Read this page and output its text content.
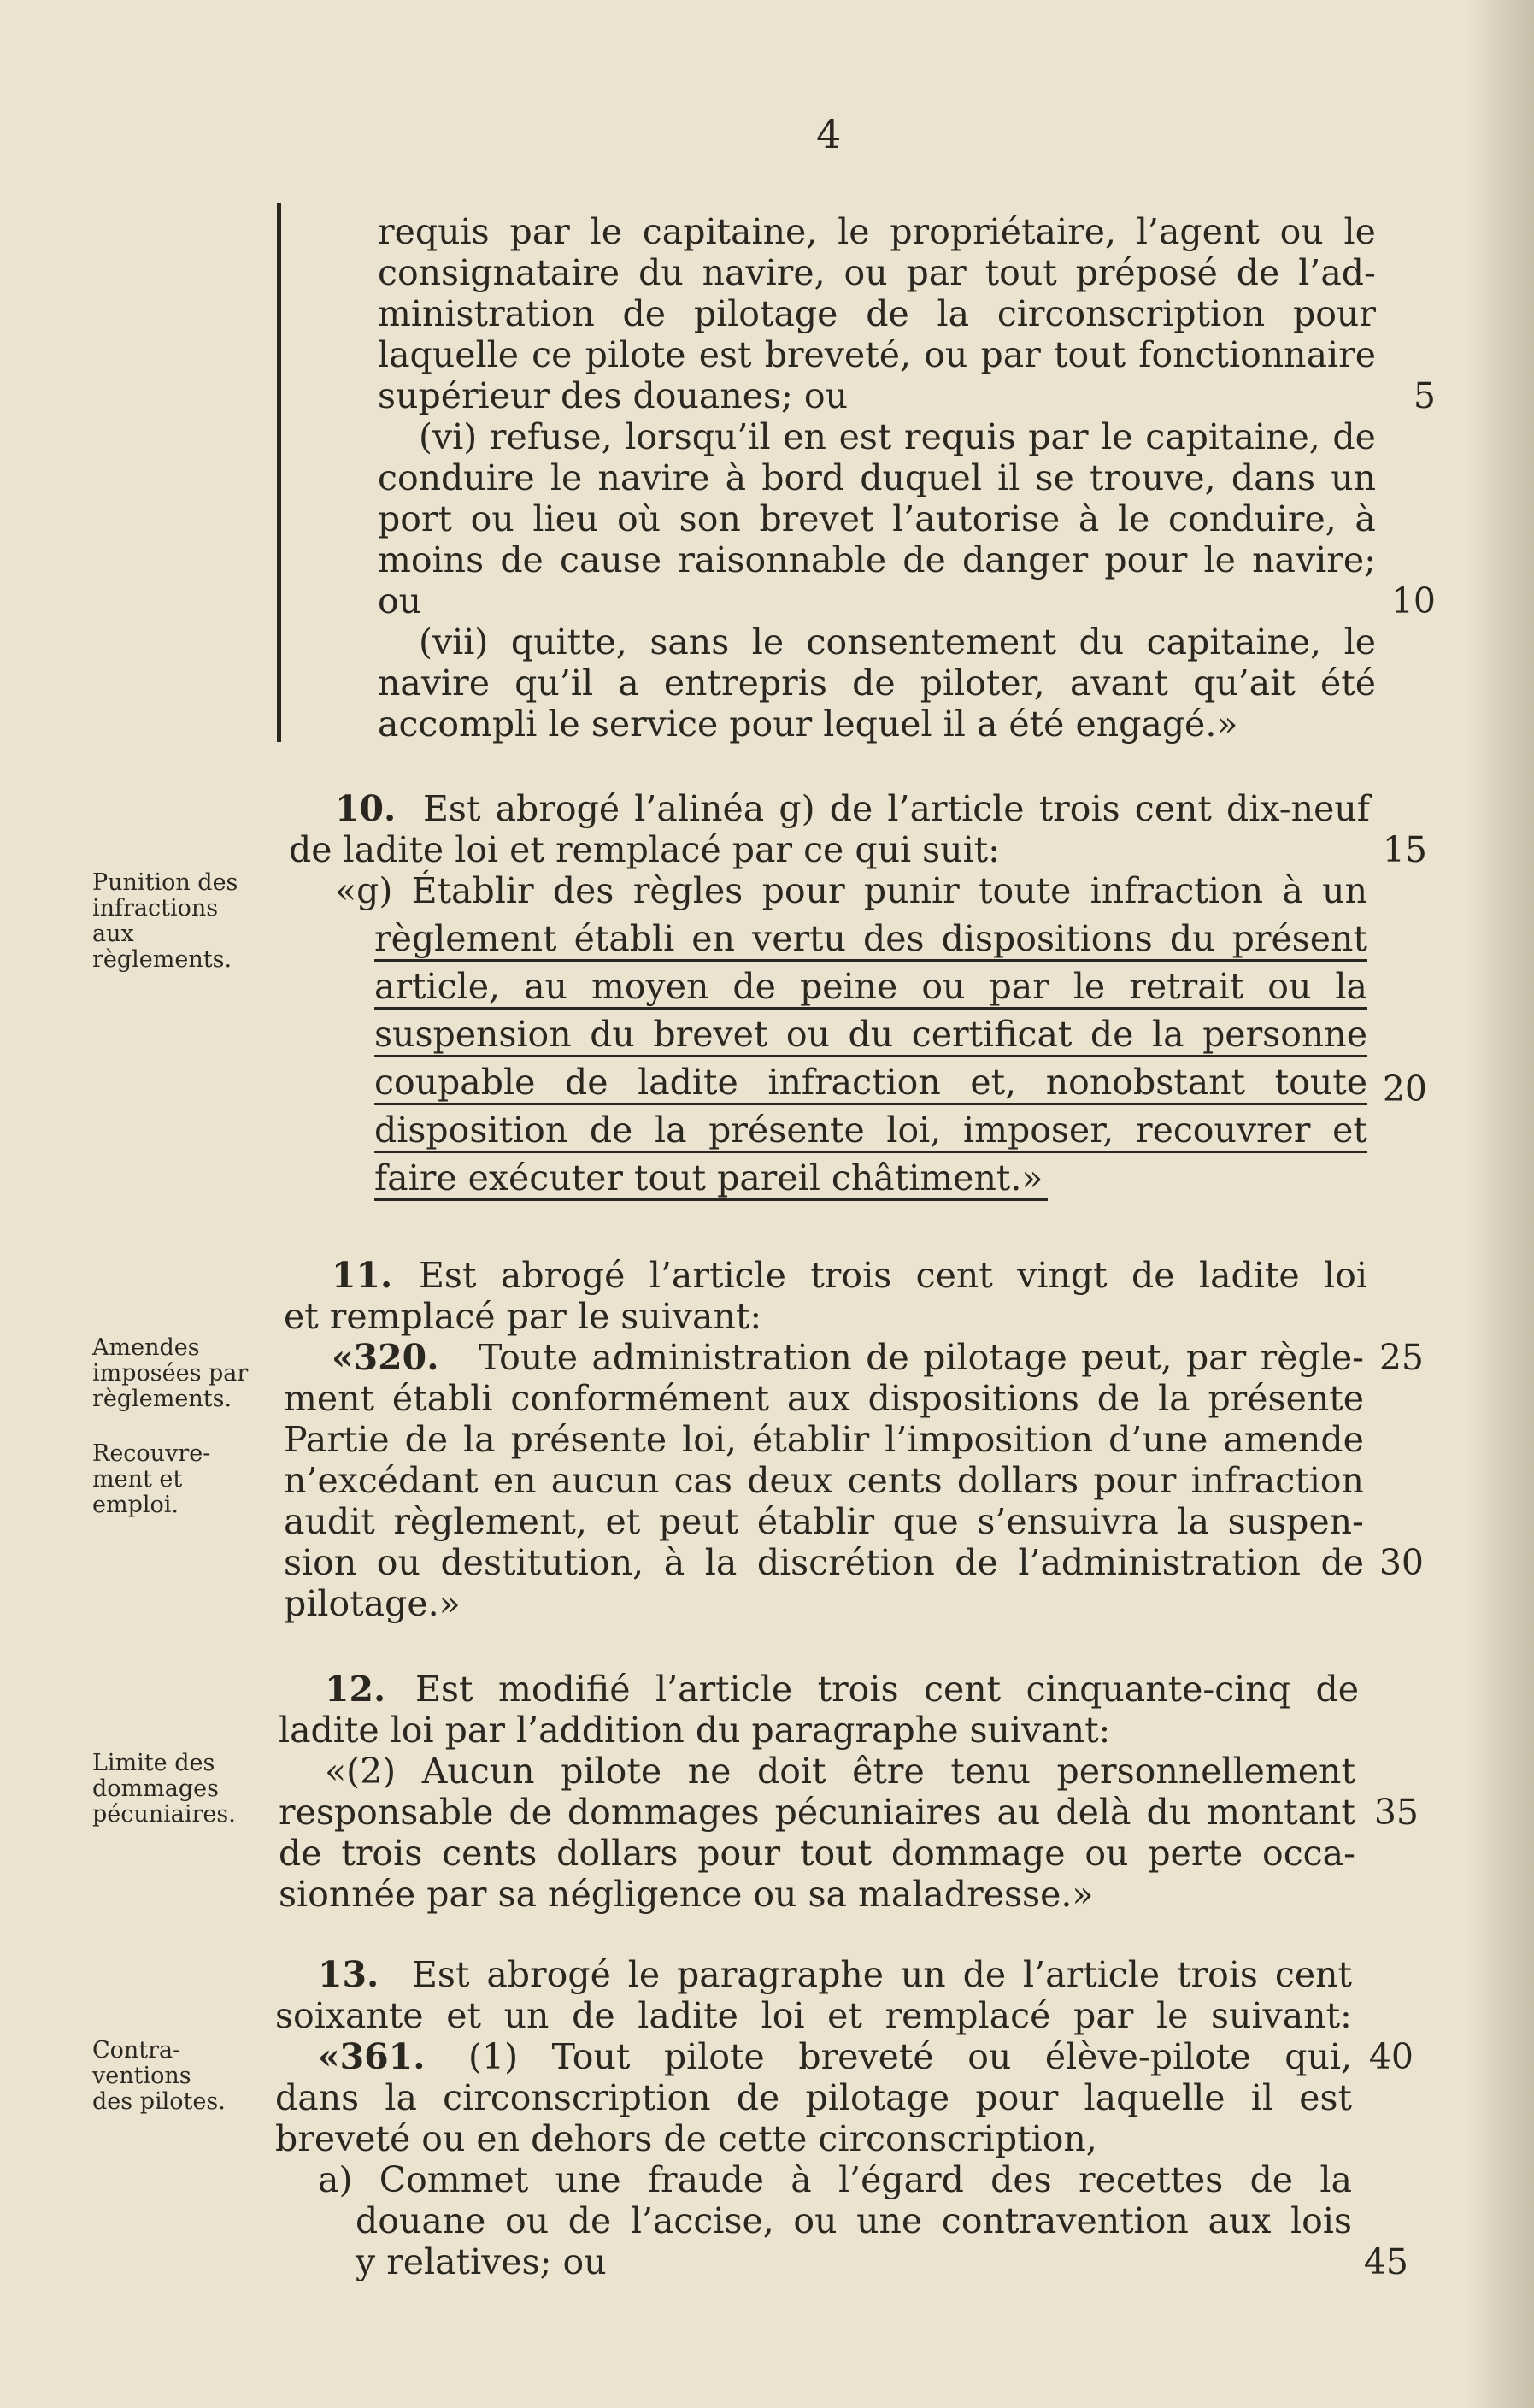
4
requis par le capitaine, le propriétaire, l’agent ou le
consignataire du navire, ou par tout préposé de l’ad-
ministration de pilotage de la circonscription pour
laquelle ce pilote est breveté, ou par tout fonctionnaire
supérieur des douanes; ou
(vi) refuse, lorsqu’il en est requis par le capitaine, de
conduire le navire à bord duquel il se trouve, dans un
port ou lieu où son brevet l’autorise à le conduire, à
moins de cause raisonnable de danger pour le navire;
ou
(vii) quitte, sans le consentement du capitaine, le
navire qu’il a entrepris de piloter, avant qu’ait été
accompli le service pour lequel il a été engagé.»
10. Est abrogé l’alinéa g) de l’article trois cent dix-neuf
de ladite loi et remplacé par ce qui suit:
«g) Établir des règles pour punir toute infraction à un
règlement établi en vertu des dispositions du présent
article, au moyen de peine ou par le retrait ou la
suspension du brevet ou du certificat de la personne
coupable de ladite infraction et, nonobstant toute
disposition de la présente loi, imposer, recouvrer et
faire exécuter tout pareil châtiment.»
11. Est abrogé l’article trois cent vingt de ladite loi
et remplacé par le suivant:
«320. Toute administration de pilotage peut, par règle-
ment établi conformément aux dispositions de la présente
Partie de la présente loi, établir l’imposition d’une amende
n’excédant en aucun cas deux cents dollars pour infraction
audit règlement, et peut établir que s’ensuivra la suspen-
sion ou destitution, à la discrétion de l’administration de
pilotage.»
12. Est modifié l’article trois cent cinquante-cinq de
ladite loi par l’addition du paragraphe suivant:
«(2) Aucun pilote ne doit être tenu personnellement
responsable de dommages pécuniaires au delà du montant
de trois cents dollars pour tout dommage ou perte occa-
sionnée par sa négligence ou sa maladresse.»
13. Est abrogé le paragraphe un de l’article trois cent
soixante et un de ladite loi et remplacé par le suivant:
«361. (1) Tout pilote breveté ou élève-pilote qui,
dans la circonscription de pilotage pour laquelle il est
breveté ou en dehors de cette circonscription,
a) Commet une fraude à l’égard des recettes de la
douane ou de l’accise, ou une contravention aux lois
y relatives; ou
5
10
15
20
25
30
35
40
45
Punition des
infractions
aux
règlements.
Amendes
imposées par
règlements.
Recouvre-
ment et
emploi.
Limite des
dommages
pécuniaires.
Contra-
ventions
des pilotes.
